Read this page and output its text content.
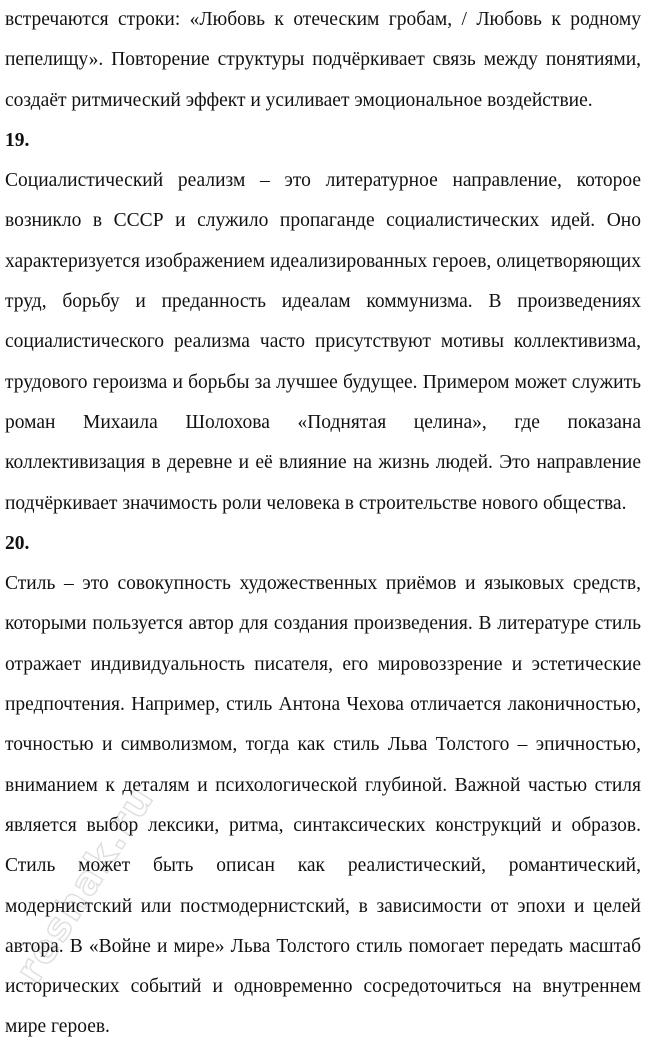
встречаются строки: «Любовь к отеческим гробам, / Любовь к родному пепелищу». Повторение структуры подчёркивает связь между понятиями, создаёт ритмический эффект и усиливает эмоциональное воздействие.

19.

Социалистический реализм – это литературное направление, которое возникло в СССР и служило пропаганде социалистических идей. Оно характеризуется изображением идеализированных героев, олицетворяющих труд, борьбу и преданность идеалам коммунизма. В произведениях социалистического реализма часто присутствуют мотивы коллективизма, трудового героизма и борьбы за лучшее будущее. Примером может служить роман Михаила Шолохова «Поднятая целина», где показана коллективизация в деревне и её влияние на жизнь людей. Это направление подчёркивает значимость роли человека в строительстве нового общества.

20.

Стиль – это совокупность художественных приёмов и языковых средств, которыми пользуется автор для создания произведения. В литературе стиль отражает индивидуальность писателя, его мировоззрение и эстетические предпочтения. Например, стиль Антона Чехова отличается лаконичностью, точностью и символизмом, тогда как стиль Льва Толстого – эпичностью, вниманием к деталям и психологической глубиной. Важной частью стиля является выбор лексики, ритма, синтаксических конструкций и образов. Стиль может быть описан как реалистический, романтический, модернистский или постмодернистский, в зависимости от эпохи и целей автора. В «Войне и мире» Льва Толстого стиль помогает передать масштаб исторических событий и одновременно сосредоточиться на внутреннем мире героев.

reshak.ru
